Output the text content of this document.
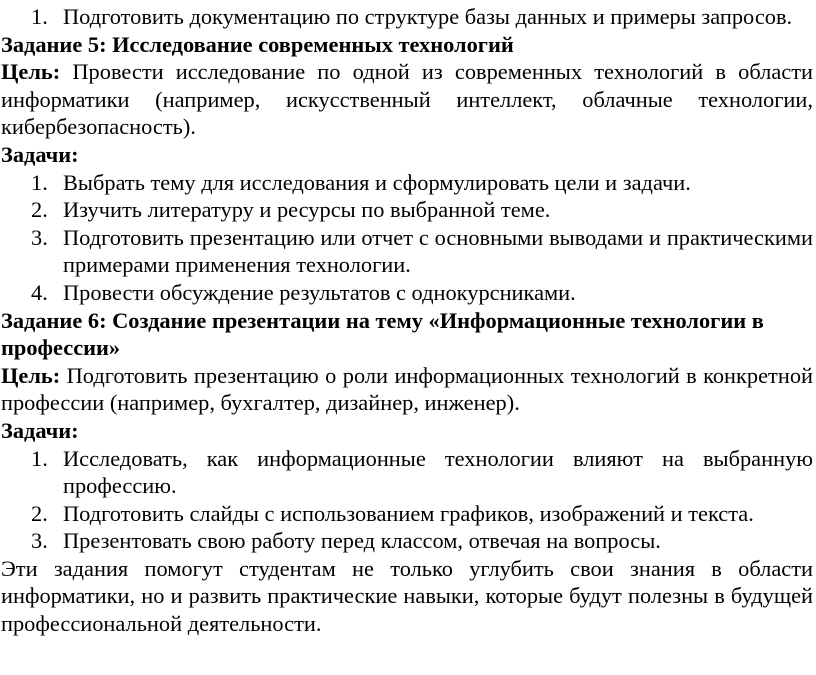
1. Подготовить документацию по структуре базы данных и примеры запросов.
Задание 5: Исследование современных технологий

Цель: Провести исследование по одной из современных технологий в области информатики (например, искусственный интеллект, облачные технологии, кибербезопасность).

Задачи:

1. Выбрать тему для исследования и сформулировать цели и задачи.
2. Изучить литературу и ресурсы по выбранной теме.
3. Подготовить презентацию или отчет с основными выводами и практическими примерами применения технологии.
4. Провести обсуждение результатов с однокурсниками.
Задание 6: Создание презентации на тему «Информационные технологии в профессии»

Цель: Подготовить презентацию о роли информационных технологий в конкретной профессии (например, бухгалтер, дизайнер, инженер).

Задачи:

1. Исследовать, как информационные технологии влияют на выбранную профессию.
2. Подготовить слайды с использованием графиков, изображений и текста.
3. Презентовать свою работу перед классом, отвечая на вопросы.

Эти задания помогут студентам не только углубить свои знания в области информатики, но и развить практические навыки, которые будут полезны в будущей профессиональной деятельности.
